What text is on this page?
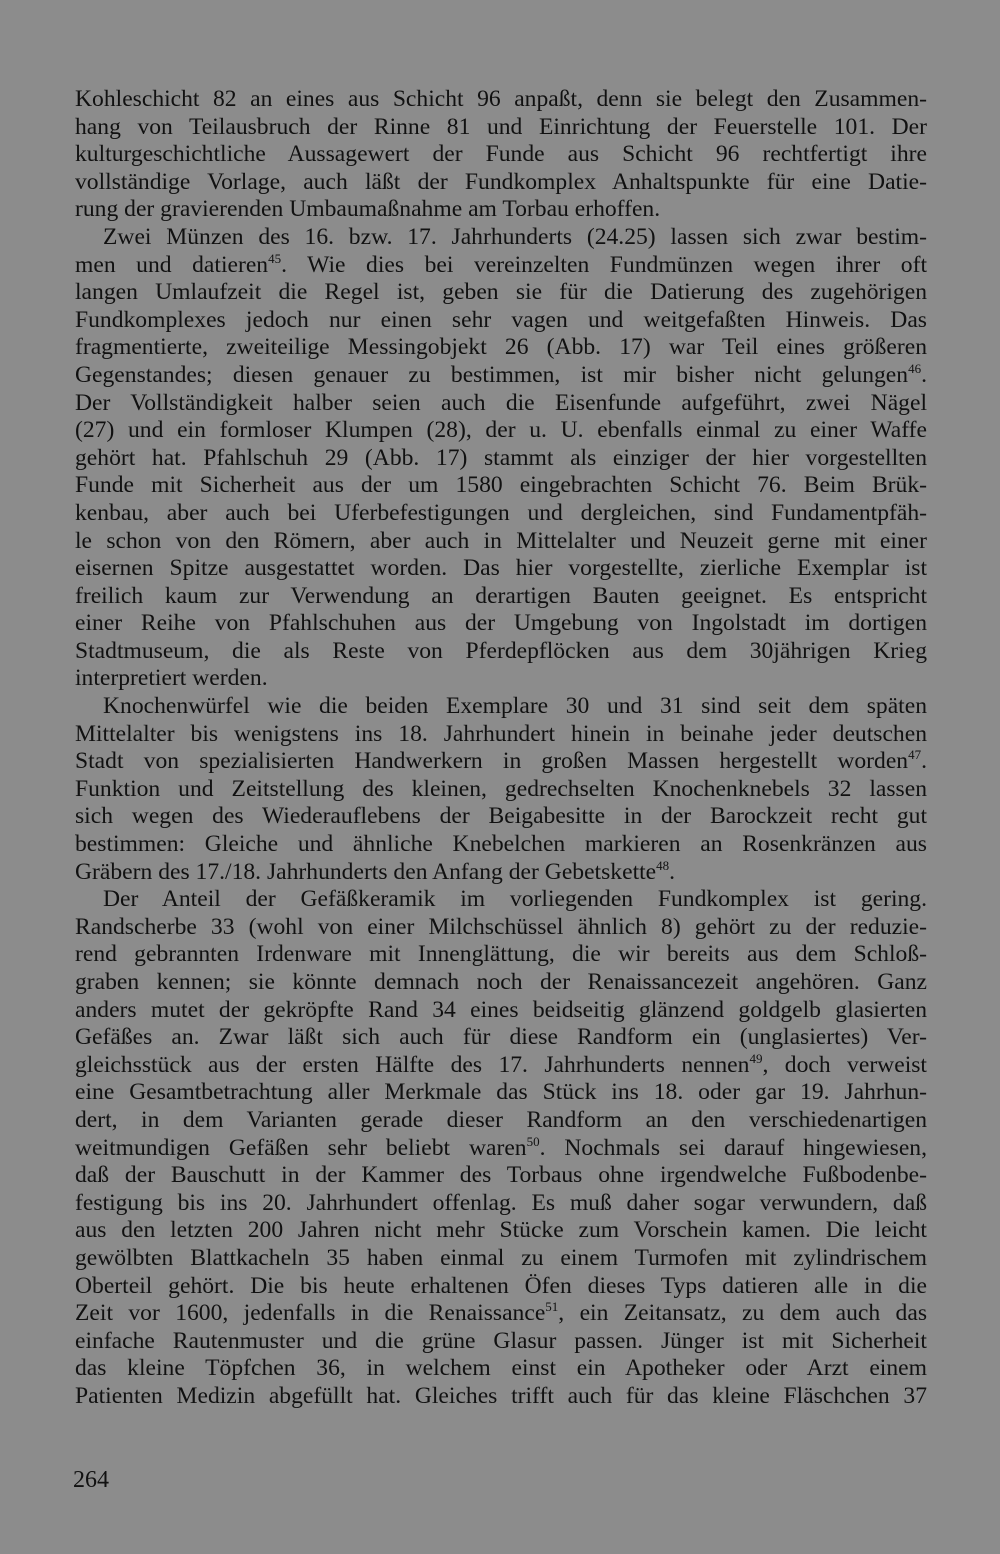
Kohleschicht 82 an eines aus Schicht 96 anpaßt, denn sie belegt den Zusammen-
hang von Teilausbruch der Rinne 81 und Einrichtung der Feuerstelle 101. Der
kulturgeschichtliche Aussagewert der Funde aus Schicht 96 rechtfertigt ihre
vollständige Vorlage, auch läßt der Fundkomplex Anhaltspunkte für eine Datie-
rung der gravierenden Umbaumaßnahme am Torbau erhoffen.
Zwei Münzen des 16. bzw. 17. Jahrhunderts (24.25) lassen sich zwar bestim-
men und datieren$^{45}$. Wie dies bei vereinzelten Fundmünzen wegen ihrer oft
langen Umlaufzeit die Regel ist, geben sie für die Datierung des zugehörigen
Fundkomplexes jedoch nur einen sehr vagen und weitgefaßten Hinweis. Das
fragmentierte, zweiteilige Messingobjekt 26 (Abb. 17) war Teil eines größeren
Gegenstandes; diesen genauer zu bestimmen, ist mir bisher nicht gelungen$^{46}$.
Der Vollständigkeit halber seien auch die Eisenfunde aufgeführt, zwei Nägel
(27) und ein formloser Klumpen (28), der u. U. ebenfalls einmal zu einer Waffe
gehört hat. Pfahlschuh 29 (Abb. 17) stammt als einziger der hier vorgestellten
Funde mit Sicherheit aus der um 1580 eingebrachten Schicht 76. Beim Brük-
kenbau, aber auch bei Uferbefestigungen und dergleichen, sind Fundamentpfäh-
le schon von den Römern, aber auch in Mittelalter und Neuzeit gerne mit einer
eisernen Spitze ausgestattet worden. Das hier vorgestellte, zierliche Exemplar ist
freilich kaum zur Verwendung an derartigen Bauten geeignet. Es entspricht
einer Reihe von Pfahlschuhen aus der Umgebung von Ingolstadt im dortigen
Stadtmuseum, die als Reste von Pferdepflöcken aus dem 30jährigen Krieg
interpretiert werden.
Knochenwürfel wie die beiden Exemplare 30 und 31 sind seit dem späten
Mittelalter bis wenigstens ins 18. Jahrhundert hinein in beinahe jeder deutschen
Stadt von spezialisierten Handwerkern in großen Massen hergestellt worden$^{47}$.
Funktion und Zeitstellung des kleinen, gedrechselten Knochenknebels 32 lassen
sich wegen des Wiederauflebens der Beigabesitte in der Barockzeit recht gut
bestimmen: Gleiche und ähnliche Knebelchen markieren an Rosenkränzen aus
Gräbern des 17./18. Jahrhunderts den Anfang der Gebetskette$^{48}$.
Der Anteil der Gefäßkeramik im vorliegenden Fundkomplex ist gering.
Randscherbe 33 (wohl von einer Milchschüssel ähnlich 8) gehört zu der reduzie-
rend gebrannten Irdenware mit Innenglättung, die wir bereits aus dem Schloß-
graben kennen; sie könnte demnach noch der Renaissancezeit angehören. Ganz
anders mutet der gekröpfte Rand 34 eines beidseitig glänzend goldgelb glasierten
Gefäßes an. Zwar läßt sich auch für diese Randform ein (unglasiertes) Ver-
gleichsstück aus der ersten Hälfte des 17. Jahrhunderts nennen$^{49}$, doch verweist
eine Gesamtbetrachtung aller Merkmale das Stück ins 18. oder gar 19. Jahrhun-
dert, in dem Varianten gerade dieser Randform an den verschiedenartigen
weitmundigen Gefäßen sehr beliebt waren$^{50}$. Nochmals sei darauf hingewiesen,
daß der Bauschutt in der Kammer des Torbaus ohne irgendwelche Fußbodenbe-
festigung bis ins 20. Jahrhundert offenlag. Es muß daher sogar verwundern, daß
aus den letzten 200 Jahren nicht mehr Stücke zum Vorschein kamen. Die leicht
gewölbten Blattkacheln 35 haben einmal zu einem Turmofen mit zylindrischem
Oberteil gehört. Die bis heute erhaltenen Öfen dieses Typs datieren alle in die
Zeit vor 1600, jedenfalls in die Renaissance$^{51}$, ein Zeitansatz, zu dem auch das
einfache Rautenmuster und die grüne Glasur passen. Jünger ist mit Sicherheit
das kleine Töpfchen 36, in welchem einst ein Apotheker oder Arzt einem
Patienten Medizin abgefüllt hat. Gleiches trifft auch für das kleine Fläschchen 37
264
